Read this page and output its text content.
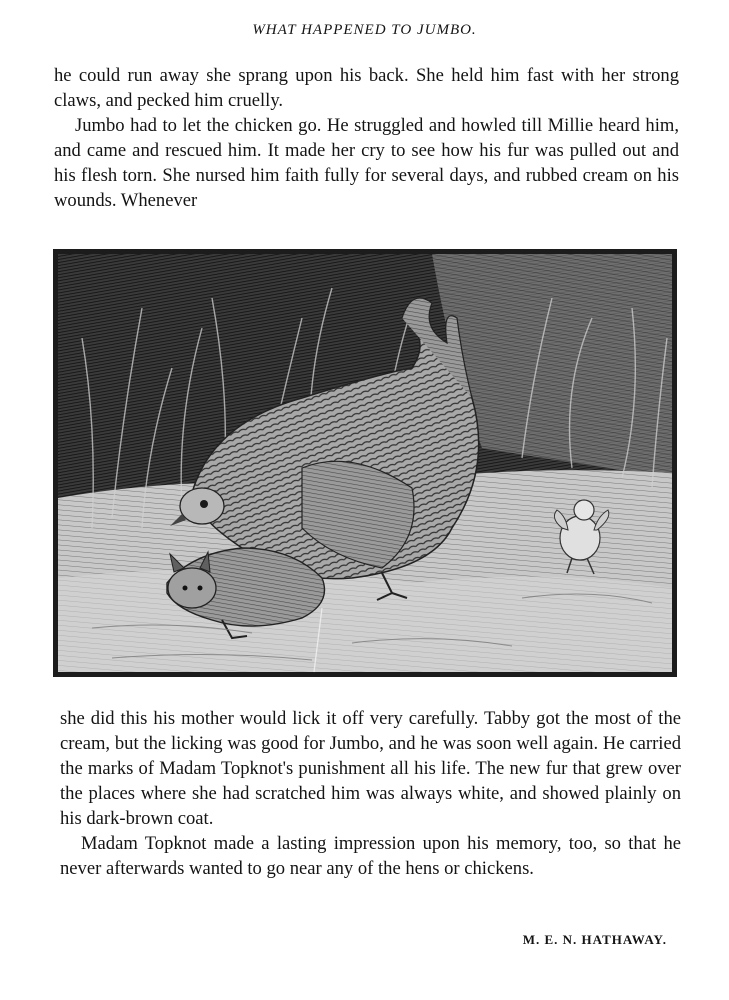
WHAT HAPPENED TO JUMBO.

he could run away she sprang upon his back. She held him fast with her strong claws, and pecked him cruelly.

Jumbo had to let the chicken go. He struggled and howled till Millie heard him, and came and rescued him. It made her cry to see how his fur was pulled out and his flesh torn. She nursed him faith fully for several days, and rubbed cream on his wounds. Whenever

she did this his mother would lick it off very carefully. Tabby got the most of the cream, but the licking was good for Jumbo, and he was soon well again. He carried the marks of Madam Topknot's punishment all his life. The new fur that grew over the places where she had scratched him was always white, and showed plainly on his dark-brown coat.

Madam Topknot made a lasting impression upon his memory, too, so that he never afterwards wanted to go near any of the hens or chickens.

M. E. N. HATHAWAY.
